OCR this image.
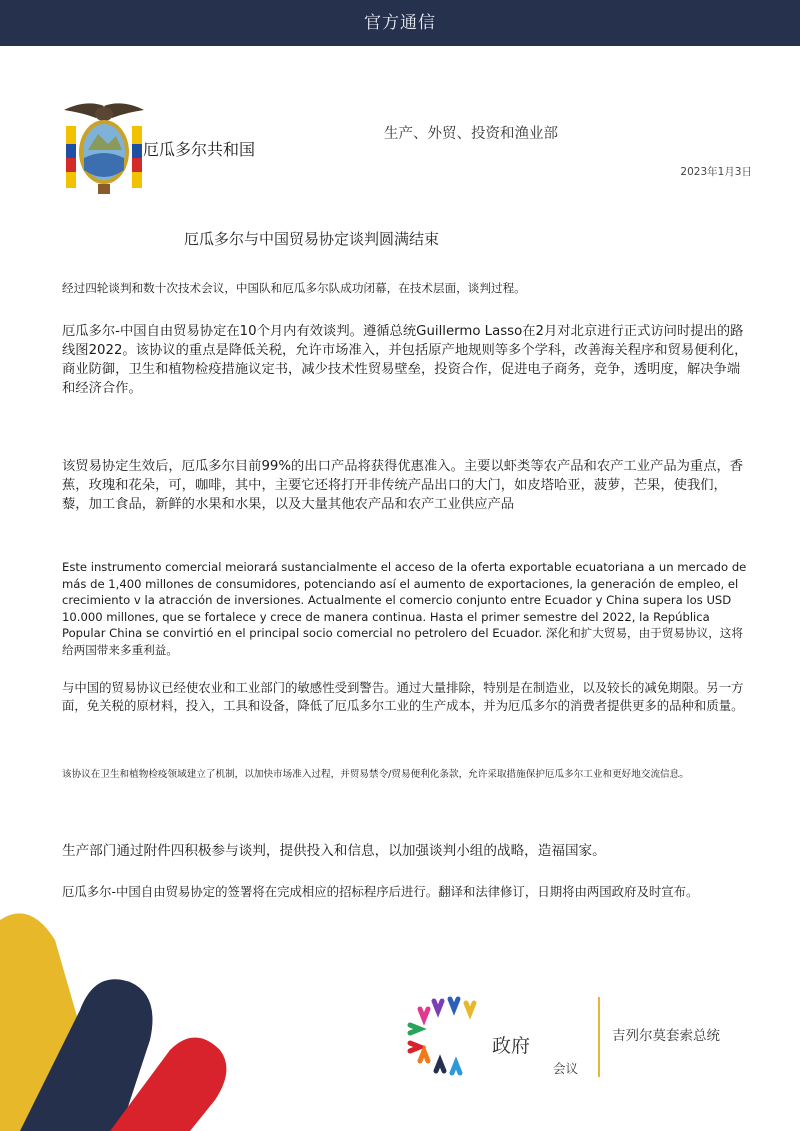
官方通信
厄瓜多尔共和国
生产、外贸、投资和渔业部
2023年1月3日
厄瓜多尔与中国贸易协定谈判圆满结束

经过四轮谈判和数十次技术会议，中国队和厄瓜多尔队成功闭幕，在技术层面，谈判过程。

厄瓜多尔-中国自由贸易协定在10个月内有效谈判。遵循总统Guillermo Lasso在2月对北京进行正式访问时提出的路线图2022。该协议的重点是降低关税，允许市场准入，并包括原产地规则等多个学科，改善海关程序和贸易便利化，商业防御，卫生和植物检疫措施议定书，减少技术性贸易壁垒，投资合作，促进电子商务，竞争，透明度，解决争端和经济合作。

该贸易协定生效后，厄瓜多尔目前99%的出口产品将获得优惠准入。主要以虾类等农产品和农产工业产品为重点，香蕉，玫瑰和花朵，可，咖啡，其中，主要它还将打开非传统产品出口的大门，如皮塔哈亚，菠萝，芒果，使我们，藜，加工食品，新鲜的水果和水果，以及大量其他农产品和农产工业供应产品

Este instrumento comercial meiorará sustancialmente el acceso de la oferta exportable ecuatoriana a un mercado de más de 1,400 millones de consumidores, potenciando así el aumento de exportaciones, la generación de empleo, el crecimiento v la atracción de inversiones. Actualmente el comercio conjunto entre Ecuador y China supera los USD 10.000 millones, que se fortalece y crece de manera continua. Hasta el primer semestre del 2022, la República Popular China se convirtió en el principal socio comercial no petrolero del Ecuador. 深化和扩大贸易，由于贸易协议，这将给两国带来多重利益。

与中国的贸易协议已经使农业和工业部门的敏感性受到警告。通过大量排除，特别是在制造业，以及较长的减免期限。另一方面，免关税的原材料，投入，工具和设备，降低了厄瓜多尔工业的生产成本，并为厄瓜多尔的消费者提供更多的品种和质量。

该协议在卫生和植物检疫领域建立了机制，以加快市场准入过程，并贸易禁令/贸易便利化条款，允许采取措施保护厄瓜多尔工业和更好地交流信息。

生产部门通过附件四积极参与谈判，提供投入和信息，以加强谈判小组的战略，造福国家。

厄瓜多尔-中国自由贸易协定的签署将在完成相应的招标程序后进行。翻译和法律修订，日期将由两国政府及时宣布。

政府
会议
吉列尔莫套索总统
